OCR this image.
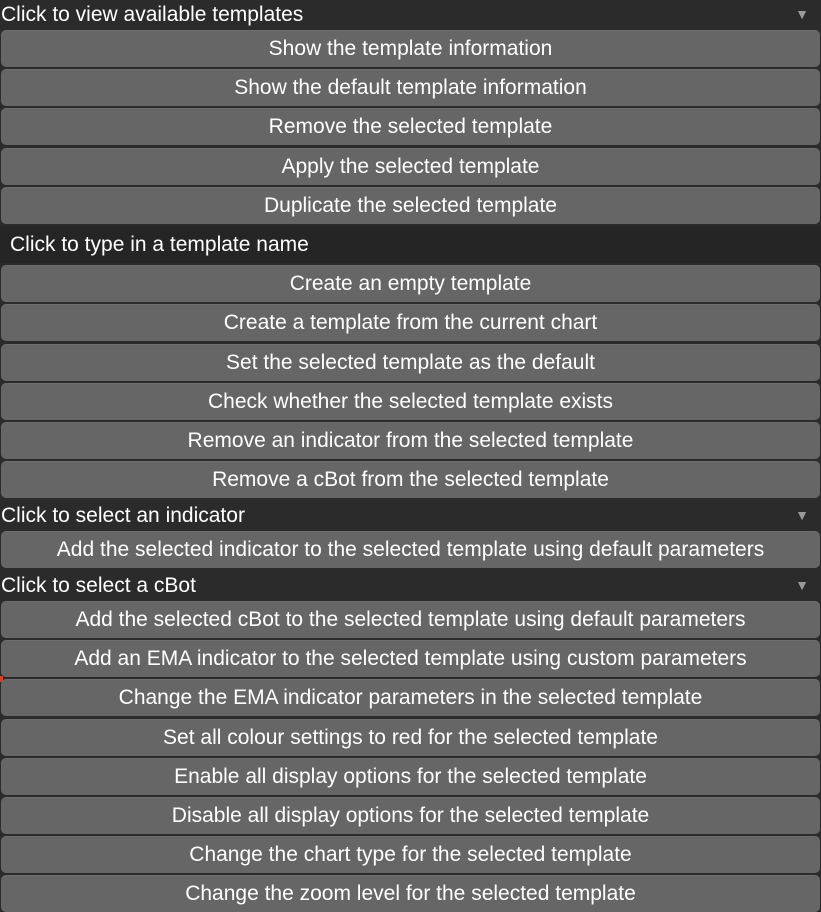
Click to view available templates	▼
Show the template information
Show the default template information
Remove the selected template
Apply the selected template
Duplicate the selected template
Click to type in a template name
Create an empty template
Create a template from the current chart
Set the selected template as the default
Check whether the selected template exists
Remove an indicator from the selected template
Remove a cBot from the selected template
Click to select an indicator	▼
Add the selected indicator to the selected template using default parameters
Click to select a cBot	▼
Add the selected cBot to the selected template using default parameters
Add an EMA indicator to the selected template using custom parameters
Change the EMA indicator parameters in the selected template
Set all colour settings to red for the selected template
Enable all display options for the selected template
Disable all display options for the selected template
Change the chart type for the selected template
Change the zoom level for the selected template
